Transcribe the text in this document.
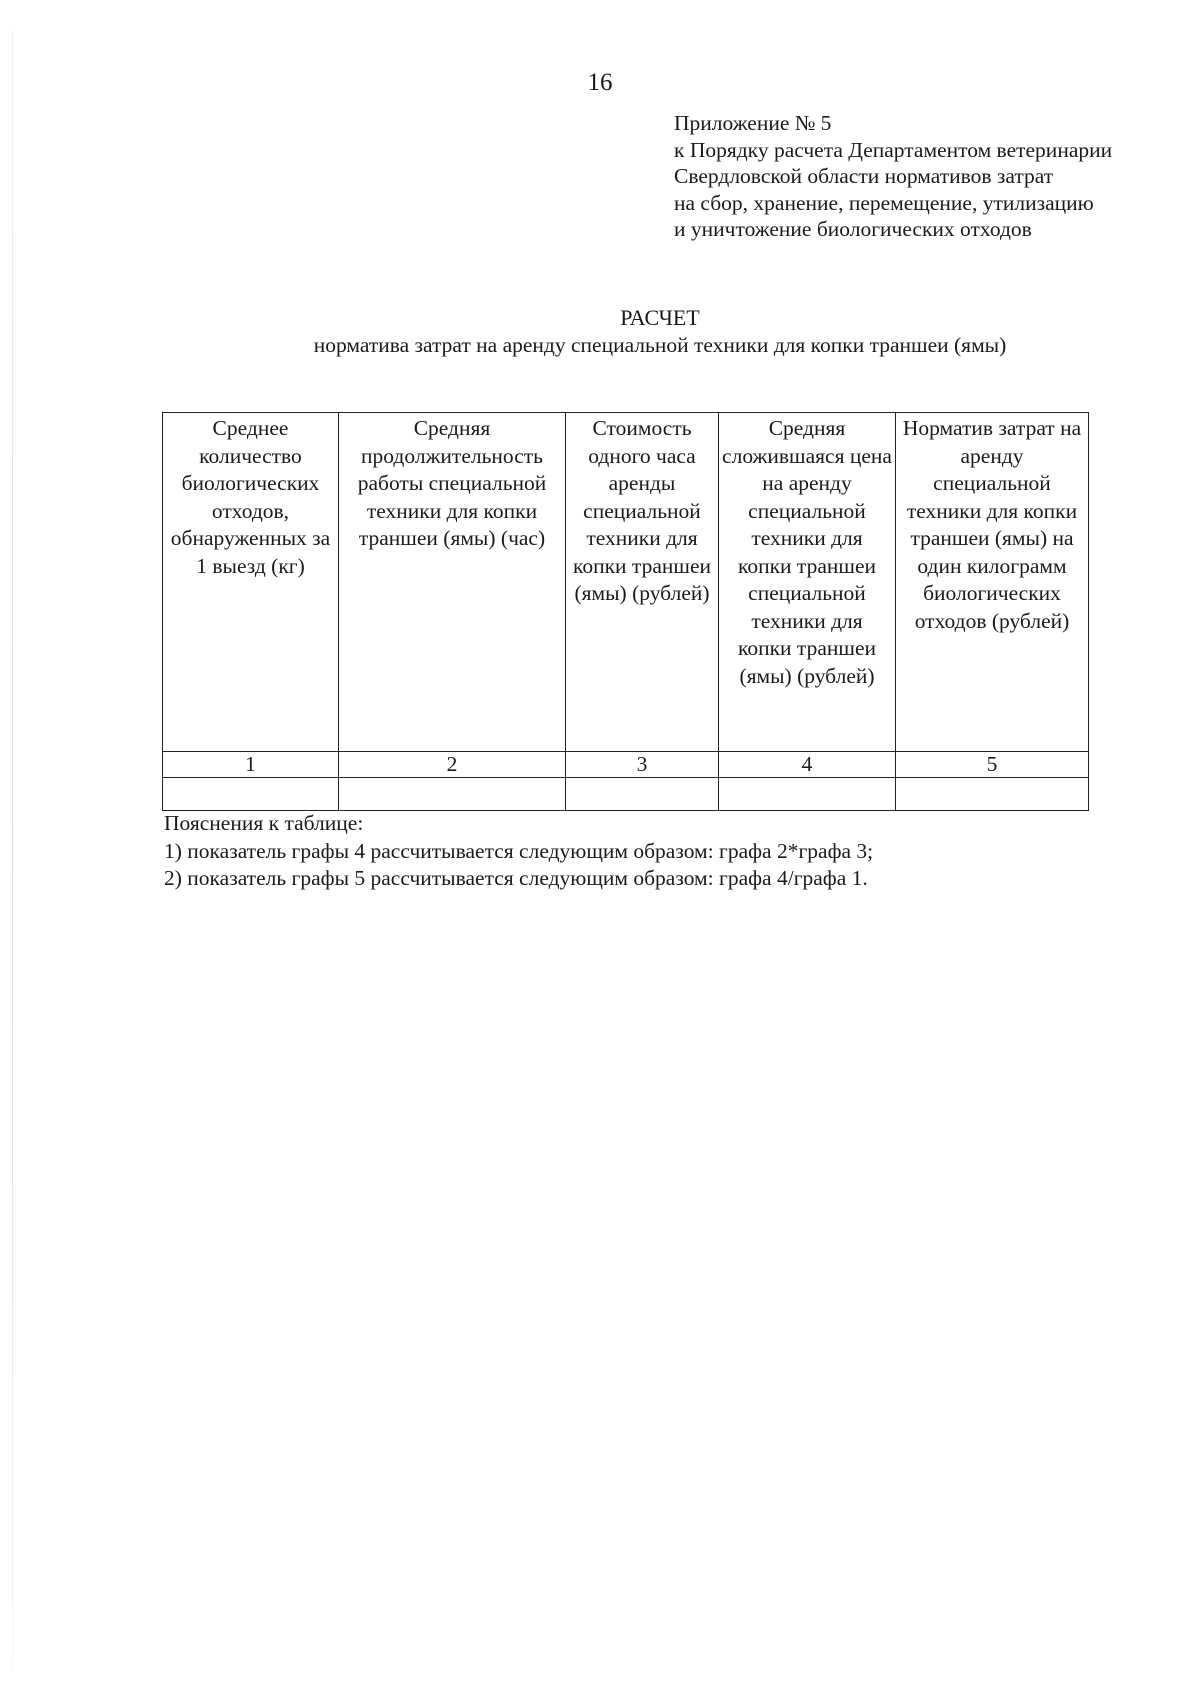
16
Приложение № 5
к Порядку расчета Департаментом ветеринарии
Свердловской области нормативов затрат
на сбор, хранение, перемещение, утилизацию
и уничтожение биологических отходов
РАСЧЕТ
норматива затрат на аренду специальной техники для копки траншеи (ямы)
Среднее количество биологических отходов, обнаруженных за 1 выезд (кг)	Средняя продолжительность работы специальной техники для копки траншеи (ямы) (час)	Стоимость одного часа аренды специальной техники для копки траншеи (ямы) (рублей)	Средняя сложившаяся цена на аренду специальной техники для копки траншеи специальной техники для копки траншеи (ямы) (рублей)	Норматив затрат на аренду специальной техники для копки траншеи (ямы) на один килограмм биологических отходов (рублей)
1	2	3	4	5

Пояснения к таблице:
1) показатель графы 4 рассчитывается следующим образом: графа 2*графа 3;
2) показатель графы 5 рассчитывается следующим образом: графа 4/графа 1.
